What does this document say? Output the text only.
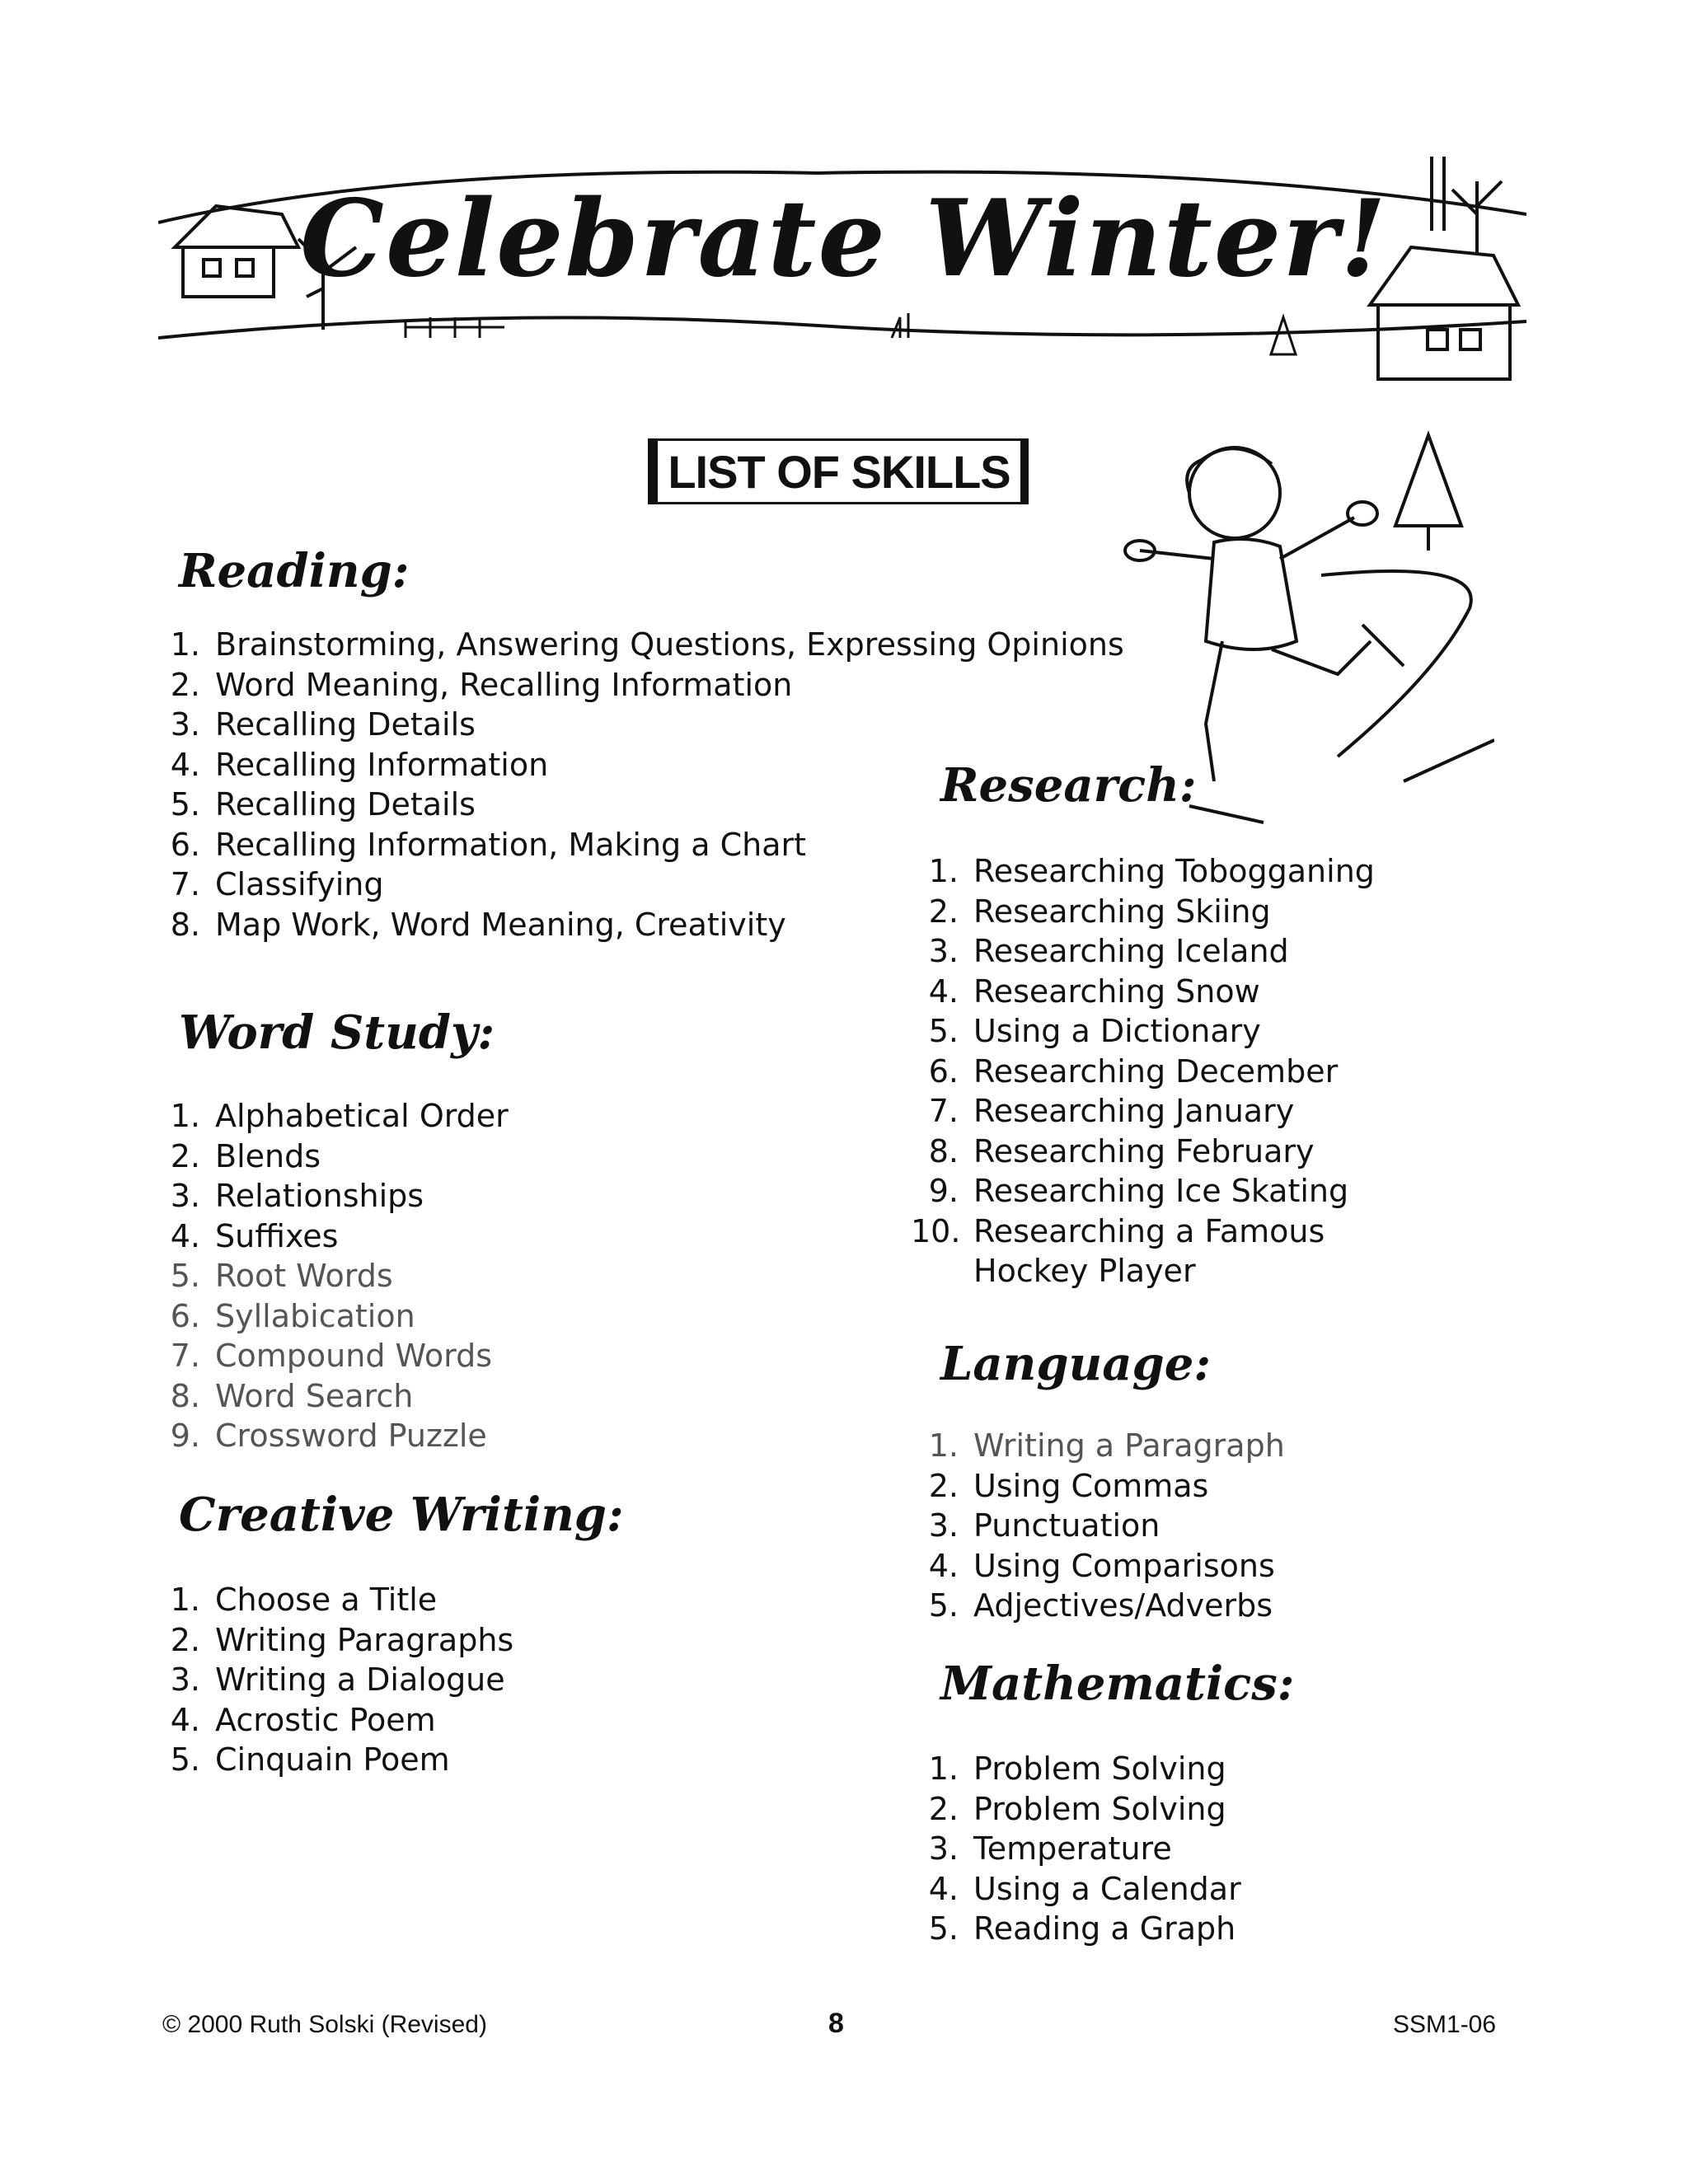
Celebrate Winter!
LIST OF SKILLS
Reading:
1. Brainstorming, Answering Questions, Expressing Opinions
2. Word Meaning, Recalling Information
3. Recalling Details
4. Recalling Information
5. Recalling Details
6. Recalling Information, Making a Chart
7. Classifying
8. Map Work, Word Meaning, Creativity
Word Study:
1. Alphabetical Order
2. Blends
3. Relationships
4. Suffixes
5. Root Words
6. Syllabication
7. Compound Words
8. Word Search
9. Crossword Puzzle
Creative Writing:
1. Choose a Title
2. Writing Paragraphs
3. Writing a Dialogue
4. Acrostic Poem
5. Cinquain Poem
Research:
1. Researching Tobogganing
2. Researching Skiing
3. Researching Iceland
4. Researching Snow
5. Using a Dictionary
6. Researching December
7. Researching January
8. Researching February
9. Researching Ice Skating
10. Researching a Famous Hockey Player
Language:
1. Writing a Paragraph
2. Using Commas
3. Punctuation
4. Using Comparisons
5. Adjectives/Adverbs
Mathematics:
1. Problem Solving
2. Problem Solving
3. Temperature
4. Using a Calendar
5. Reading a Graph
© 2000 Ruth Solski (Revised)	8	SSM1-06
